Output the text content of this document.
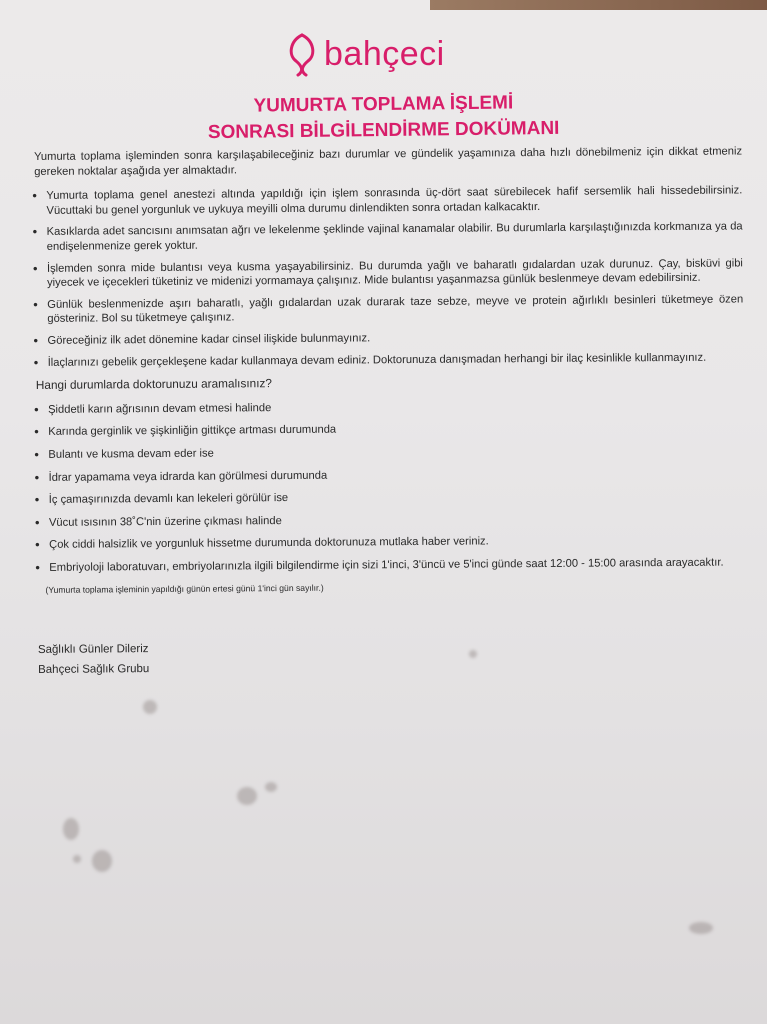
bahçeci
YUMURTA TOPLAMA İŞLEMİ
SONRASI BİLGİLENDİRME DOKÜMANI
Yumurta toplama işleminden sonra karşılaşabileceğiniz bazı durumlar ve gündelik yaşamınıza daha hızlı dönebilmeniz için dikkat etmeniz gereken noktalar aşağıda yer almaktadır.
• Yumurta toplama genel anestezi altında yapıldığı için işlem sonrasında üç-dört saat sürebilecek hafif sersemlik hali hissedebilirsiniz. Vücuttaki bu genel yorgunluk ve uykuya meyilli olma durumu dinlendikten sonra ortadan kalkacaktır.
• Kasıklarda adet sancısını anımsatan ağrı ve lekelenme şeklinde vajinal kanamalar olabilir. Bu durumlarla karşılaştığınızda korkmanıza ya da endişelenmenize gerek yoktur.
• İşlemden sonra mide bulantısı veya kusma yaşayabilirsiniz. Bu durumda yağlı ve baharatlı gıdalardan uzak durunuz. Çay, bisküvi gibi yiyecek ve içecekleri tüketiniz ve midenizi yormamaya çalışınız. Mide bulantısı yaşanmazsa günlük beslenmeye devam edebilirsiniz.
• Günlük beslenmenizde aşırı baharatlı, yağlı gıdalardan uzak durarak taze sebze, meyve ve protein ağırlıklı besinleri tüketmeye özen gösteriniz. Bol su tüketmeye çalışınız.
• Göreceğiniz ilk adet dönemine kadar cinsel ilişkide bulunmayınız.
• İlaçlarınızı gebelik gerçekleşene kadar kullanmaya devam ediniz. Doktorunuza danışmadan herhangi bir ilaç kesinlikle kullanmayınız.
Hangi durumlarda doktorunuzu aramalısınız?
• Şiddetli karın ağrısının devam etmesi halinde
• Karında gerginlik ve şişkinliğin gittikçe artması durumunda
• Bulantı ve kusma devam eder ise
• İdrar yapamama veya idrarda kan görülmesi durumunda
• İç çamaşırınızda devamlı kan lekeleri görülür ise
• Vücut ısısının 38˚C'nin üzerine çıkması halinde
• Çok ciddi halsizlik ve yorgunluk hissetme durumunda doktorunuza mutlaka haber veriniz.
• Embriyoloji laboratuvarı, embriyolarınızla ilgili bilgilendirme için sizi 1'inci, 3'üncü ve 5'inci günde saat 12:00 - 15:00 arasında arayacaktır.
(Yumurta toplama işleminin yapıldığı günün ertesi günü 1'inci gün sayılır.)
Sağlıklı Günler Dileriz
Bahçeci Sağlık Grubu
